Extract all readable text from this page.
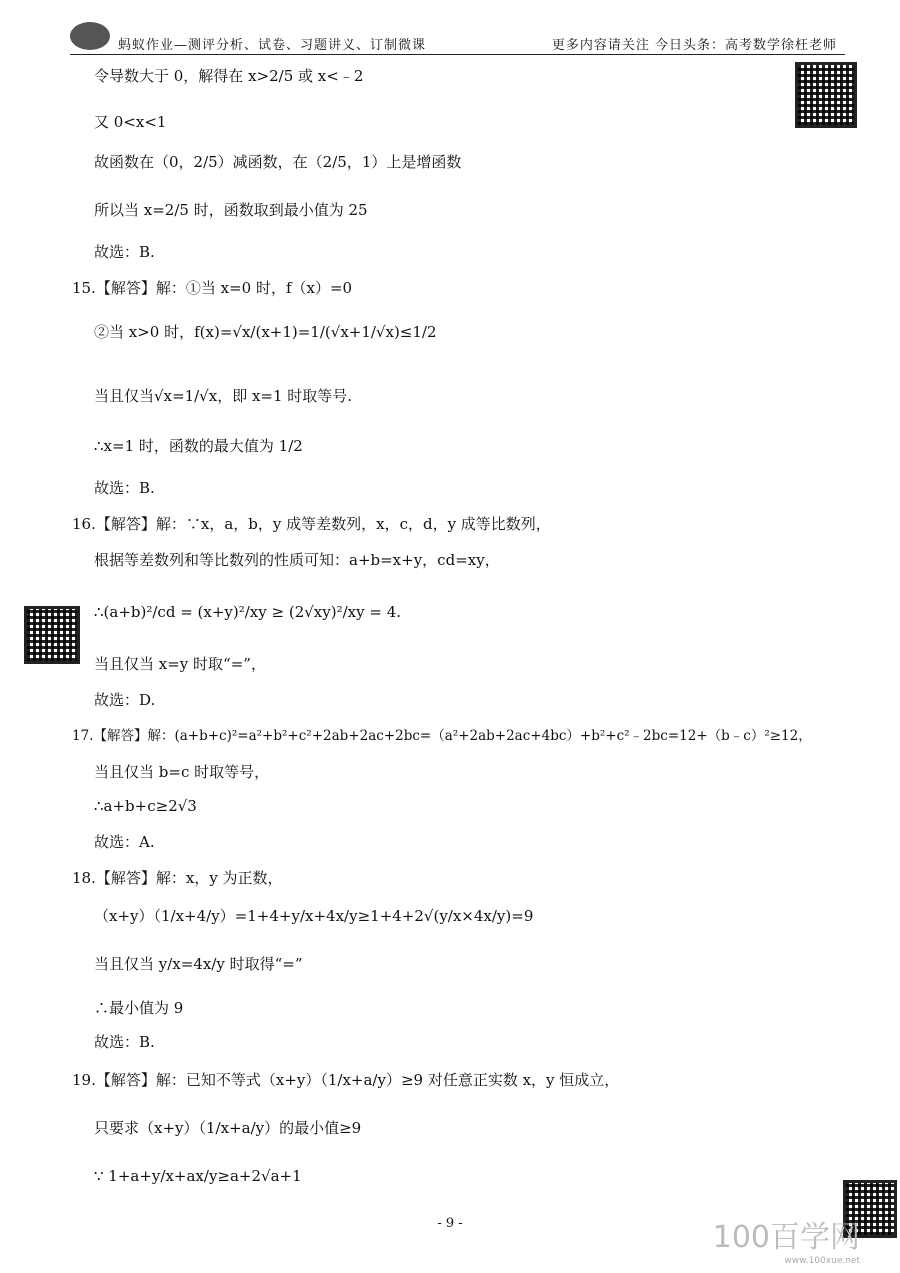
蚂蚁作业—测评分析、试卷、习题讲义、订制微课	更多内容请关注 今日头条：高考数学徐枉老师
令导数大于 0，解得在 x>2/5 或 x<﹣2
又 0<x<1
故函数在（0，2/5）减函数，在（2/5，1）上是增函数
所以当 x=2/5 时，函数取到最小值为 25
故选：B.
15.【解答】解：①当 x=0 时，f（x）=0
②当 x>0 时，f(x)=√x/(x+1)=1/(√x+1/√x)≤1/2
当且仅当√x=1/√x，即 x=1 时取等号.
∴x=1 时，函数的最大值为 1/2
故选：B.
16.【解答】解：∵x，a，b，y 成等差数列，x，c，d，y 成等比数列，
根据等差数列和等比数列的性质可知：a+b=x+y，cd=xy，
∴(a+b)²/cd = (x+y)²/xy ≥ (2√xy)²/xy = 4.
当且仅当 x=y 时取“=”，
故选：D.
17.【解答】解：(a+b+c)²=a²+b²+c²+2ab+2ac+2bc=（a²+2ab+2ac+4bc）+b²+c²﹣2bc=12+（b﹣c）²≥12，
当且仅当 b=c 时取等号，
∴a+b+c≥2√3
故选：A.
18.【解答】解：x，y 为正数，
（x+y）（1/x+4/y）=1+4+y/x+4x/y≥1+4+2√(y/x×4x/y)=9
当且仅当 y/x=4x/y 时取得“=”
∴最小值为 9
故选：B.
19.【解答】解：已知不等式（x+y）（1/x+a/y）≥9 对任意正实数 x，y 恒成立，
只要求（x+y）（1/x+a/y）的最小值≥9
∵ 1+a+y/x+ax/y≥a+2√a+1
- 9 -	100百学网
www.100xue.net
